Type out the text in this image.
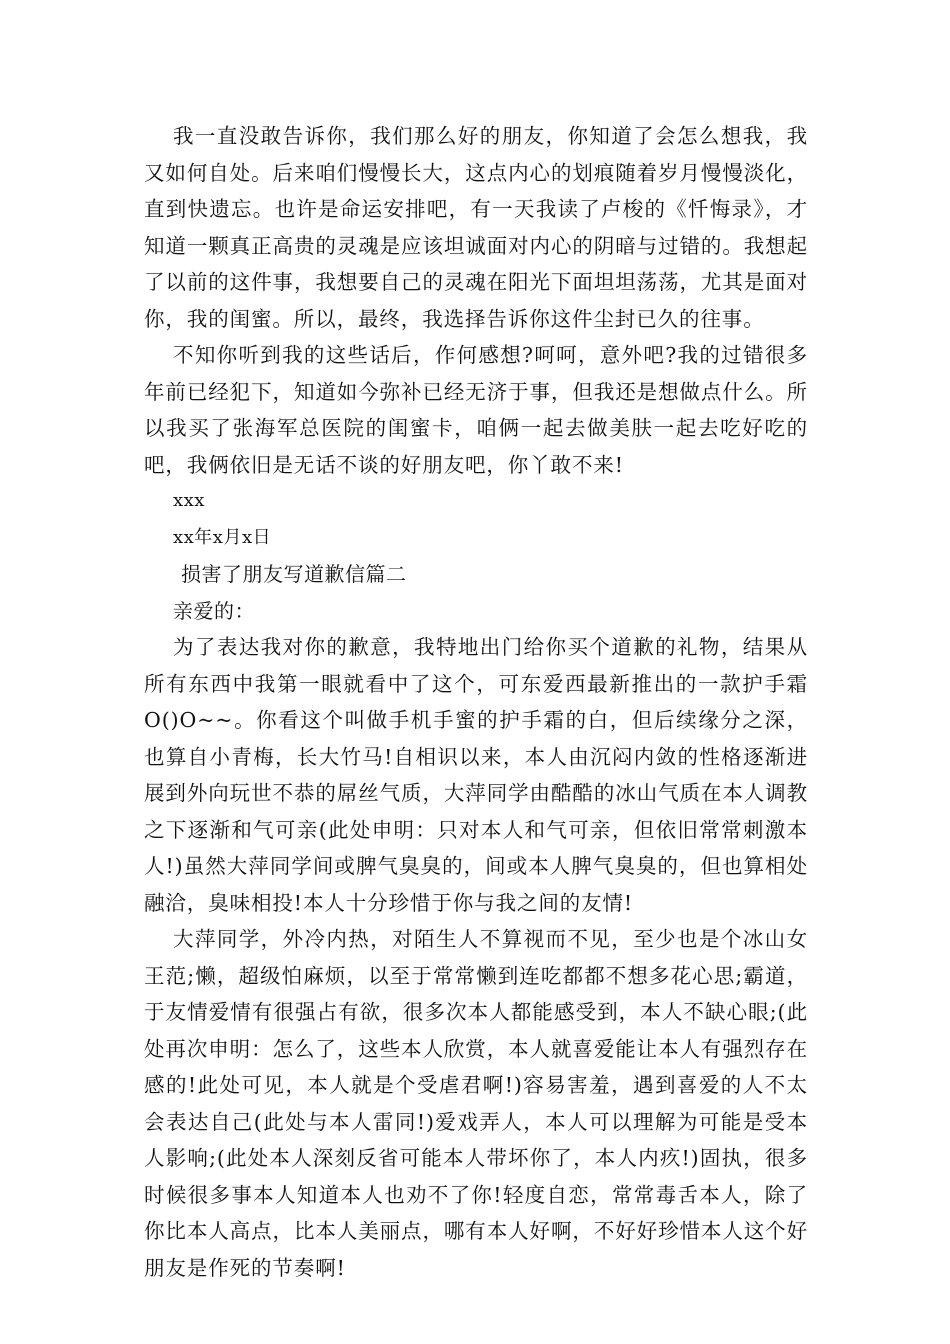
我一直没敢告诉你，我们那么好的朋友，你知道了会怎么想我，我又如何自处。后来咱们慢慢长大，这点内心的划痕随着岁月慢慢淡化，直到快遗忘。也许是命运安排吧，有一天我读了卢梭的《忏悔录》，才知道一颗真正高贵的灵魂是应该坦诚面对内心的阴暗与过错的。我想起了以前的这件事，我想要自己的灵魂在阳光下面坦坦荡荡，尤其是面对你，我的闺蜜。所以，最终，我选择告诉你这件尘封已久的往事。

不知你听到我的这些话后，作何感想?呵呵，意外吧?我的过错很多年前已经犯下，知道如今弥补已经无济于事，但我还是想做点什么。所以我买了张海军总医院的闺蜜卡，咱俩一起去做美肤一起去吃好吃的吧，我俩依旧是无话不谈的好朋友吧，你丫敢不来!

xxx

xx年x月x日

损害了朋友写道歉信篇二

亲爱的：

为了表达我对你的歉意，我特地出门给你买个道歉的礼物，结果从所有东西中我第一眼就看中了这个，可东爱西最新推出的一款护手霜O()O~~。你看这个叫做手机手蜜的护手霜的白，但后续缘分之深，也算自小青梅，长大竹马!自相识以来，本人由沉闷内敛的性格逐渐进展到外向玩世不恭的屌丝气质，大萍同学由酷酷的冰山气质在本人调教之下逐渐和气可亲(此处申明：只对本人和气可亲，但依旧常常刺激本人!)虽然大萍同学间或脾气臭臭的，间或本人脾气臭臭的，但也算相处融洽，臭味相投!本人十分珍惜于你与我之间的友情!

大萍同学，外冷内热，对陌生人不算视而不见，至少也是个冰山女王范;懒，超级怕麻烦，以至于常常懒到连吃都都不想多花心思;霸道，于友情爱情有很强占有欲，很多次本人都能感受到，本人不缺心眼;(此处再次申明：怎么了，这些本人欣赏，本人就喜爱能让本人有强烈存在感的!此处可见，本人就是个受虐君啊!)容易害羞，遇到喜爱的人不太会表达自己(此处与本人雷同!)爱戏弄人，本人可以理解为可能是受本人影响;(此处本人深刻反省可能本人带坏你了，本人内疚!)固执，很多时候很多事本人知道本人也劝不了你!轻度自恋，常常毒舌本人，除了你比本人高点，比本人美丽点，哪有本人好啊，不好好珍惜本人这个好朋友是作死的节奏啊!
